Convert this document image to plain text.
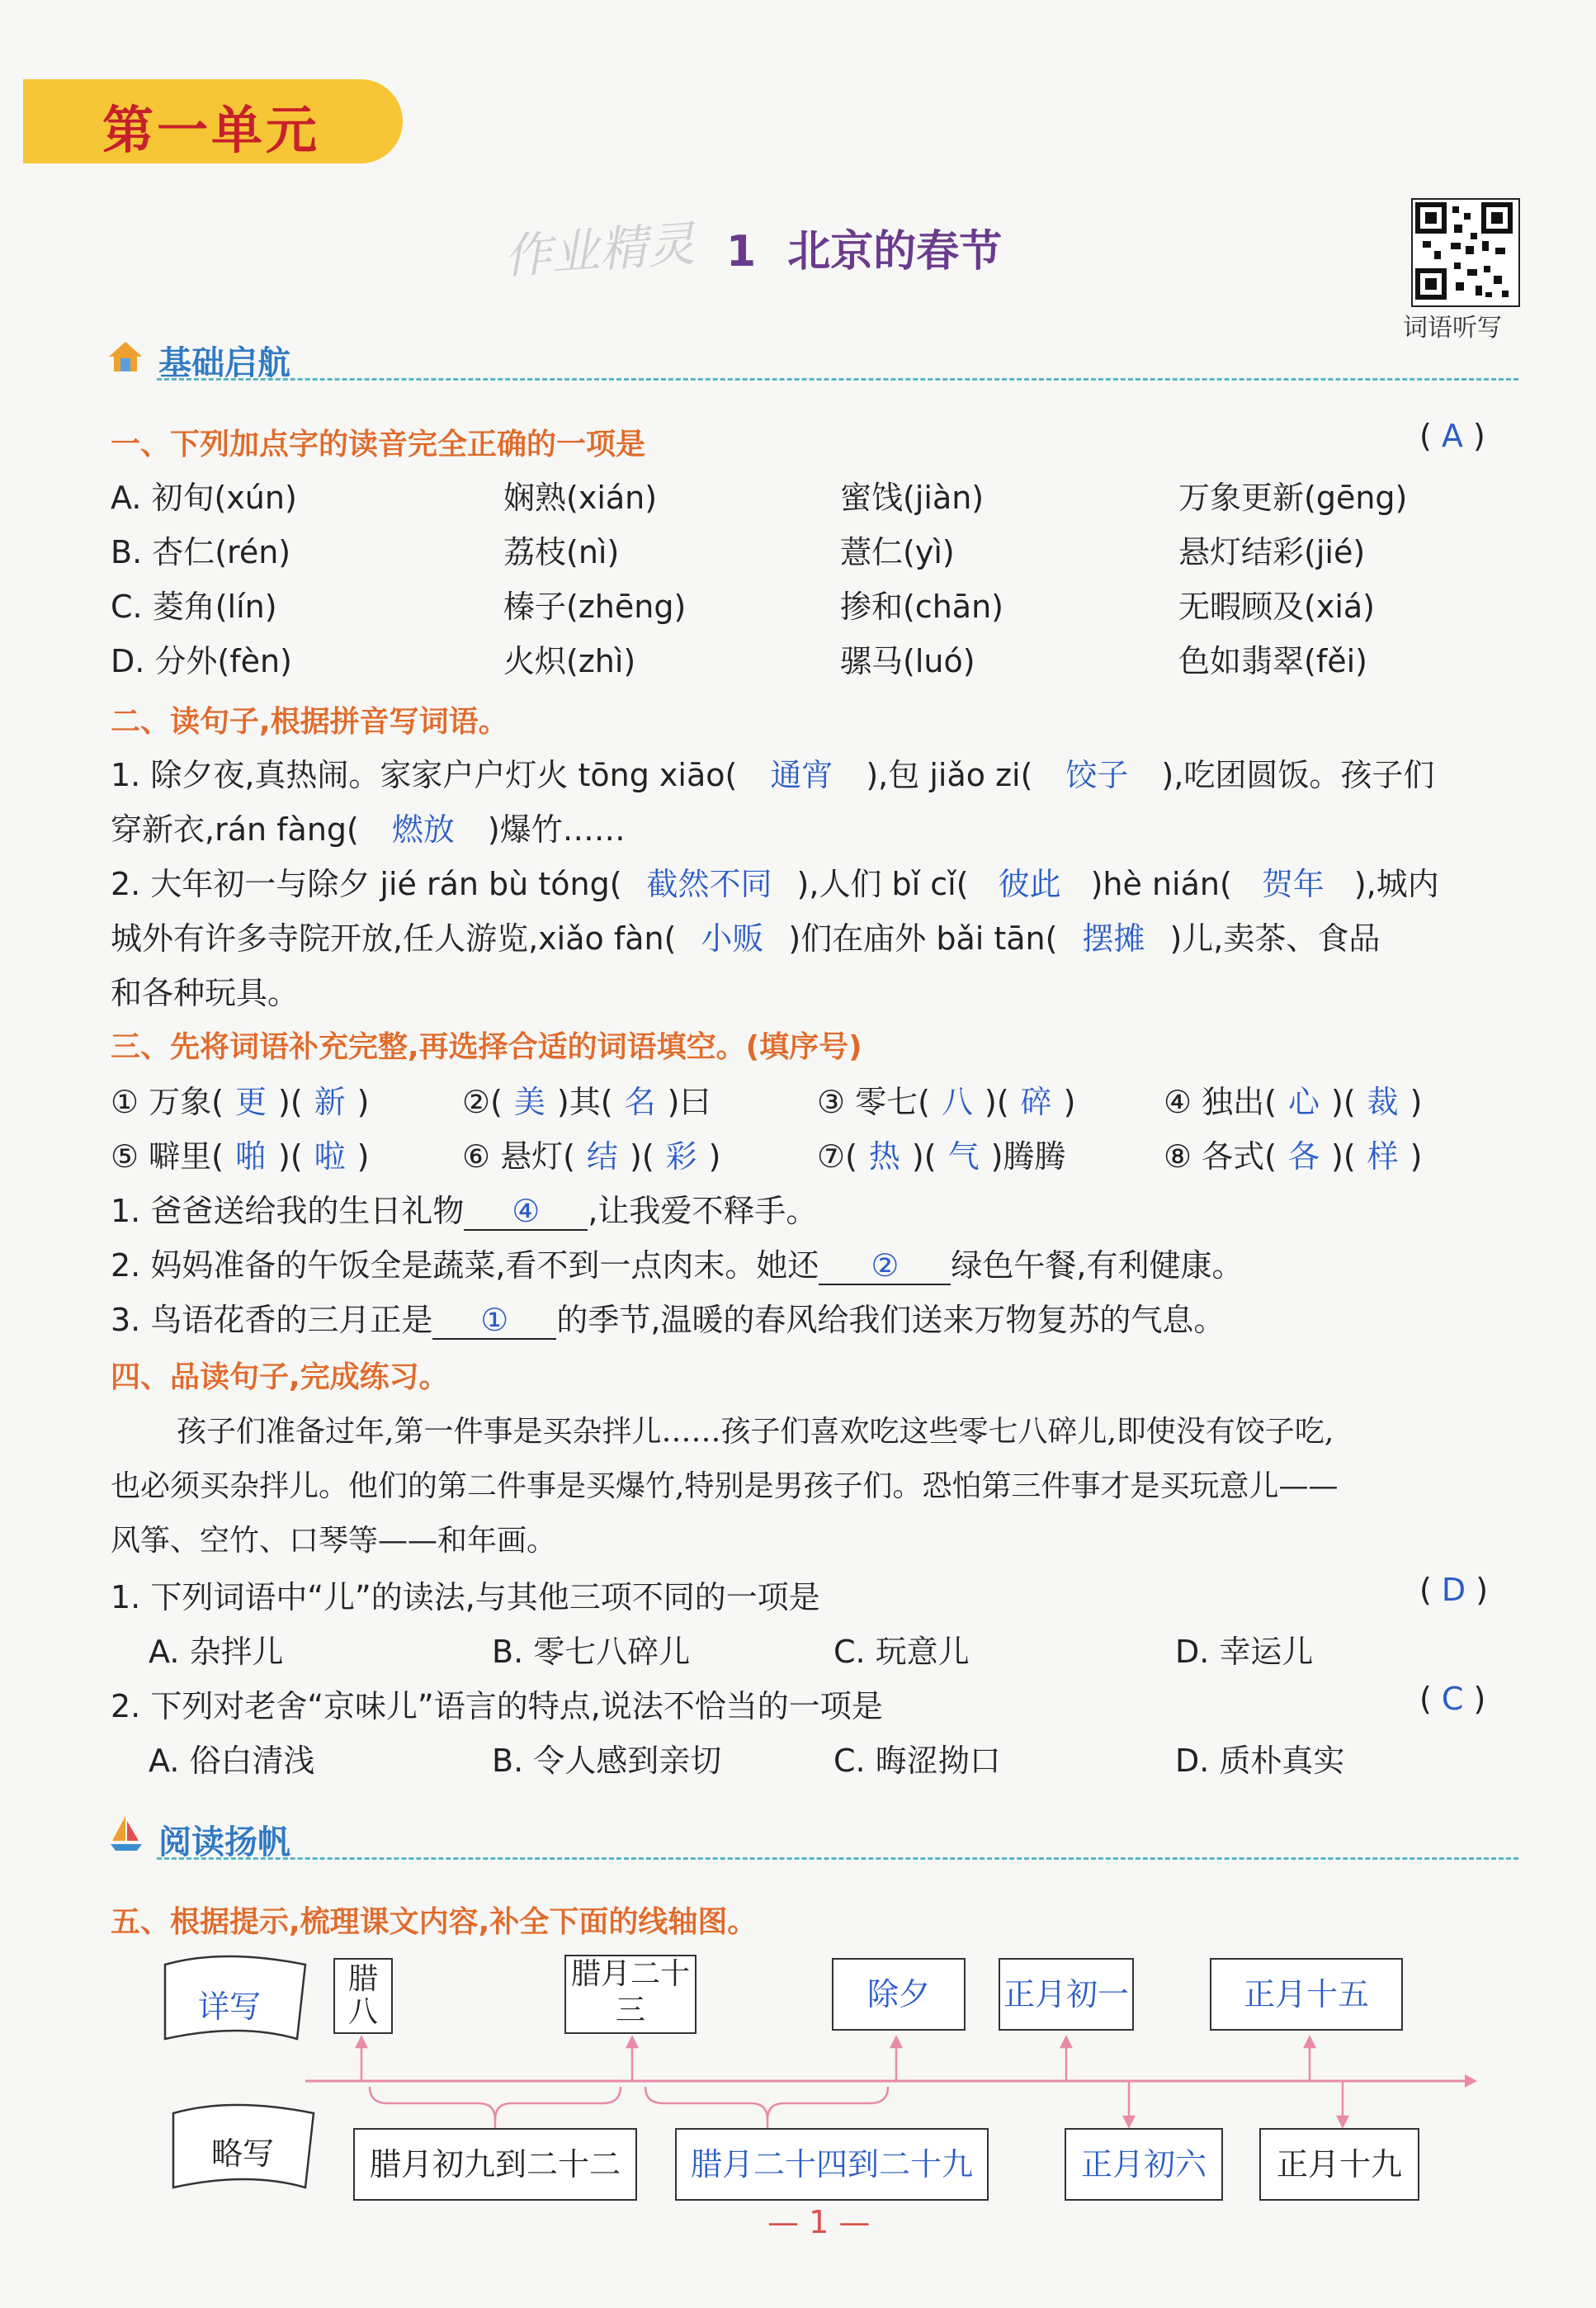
第一单元
作业精灵 1 北京的春节
词语听写
基础启航
一、下列加点字的读音完全正确的一项是	( A )
A. 初旬(xún)	娴熟(xián)	蜜饯(jiàn)	万象更新(gēng)
B. 杏仁(rén)	荔枝(nì)	薏仁(yì)	悬灯结彩(jié)
C. 菱角(lín)	榛子(zhēng)	掺和(chān)	无暇顾及(xiá)
D. 分外(fèn)	火炽(zhì)	骡马(luó)	色如翡翠(fěi)
二、读句子,根据拼音写词语。
1. 除夕夜,真热闹。家家户户灯火 tōng xiāo( 通宵 ),包 jiǎo zi( 饺子 ),吃团圆饭。孩子们
穿新衣,rán fàng( 燃放 )爆竹……
2. 大年初一与除夕 jié rán bù tóng( 截然不同 ),人们 bǐ cǐ( 彼此 )hè nián( 贺年 ),城内
城外有许多寺院开放,任人游览,xiǎo fàn( 小贩 )们在庙外 bǎi tān( 摆摊 )儿,卖茶、食品
和各种玩具。
三、先将词语补充完整,再选择合适的词语填空。(填序号)
① 万象( 更 )( 新 )	②( 美 )其( 名 )曰	③ 零七( 八 )( 碎 )	④ 独出( 心 )( 裁 )
⑤ 噼里( 啪 )( 啦 )	⑥ 悬灯( 结 )( 彩 )	⑦( 热 )( 气 )腾腾	⑧ 各式( 各 )( 样 )
1. 爸爸送给我的生日礼物 ④ ,让我爱不释手。
2. 妈妈准备的午饭全是蔬菜,看不到一点肉末。她还 ② 绿色午餐,有利健康。
3. 鸟语花香的三月正是 ① 的季节,温暖的春风给我们送来万物复苏的气息。
四、品读句子,完成练习。
孩子们准备过年,第一件事是买杂拌儿……孩子们喜欢吃这些零七八碎儿,即使没有饺子吃,
也必须买杂拌儿。他们的第二件事是买爆竹,特别是男孩子们。恐怕第三件事才是买玩意儿——
风筝、空竹、口琴等——和年画。
1. 下列词语中“儿”的读法,与其他三项不同的一项是	( D )
A. 杂拌儿	B. 零七八碎儿	C. 玩意儿	D. 幸运儿
2. 下列对老舍“京味儿”语言的特点,说法不恰当的一项是	( C )
A. 俗白清浅	B. 令人感到亲切	C. 晦涩拗口	D. 质朴真实
阅读扬帆
五、根据提示,梳理课文内容,补全下面的线轴图。
详写
略写
腊八
腊月二十三	除夕	正月初一	正月十五
腊月初九到二十二	腊月二十四到二十九	正月初六	正月十九
— 1 —
